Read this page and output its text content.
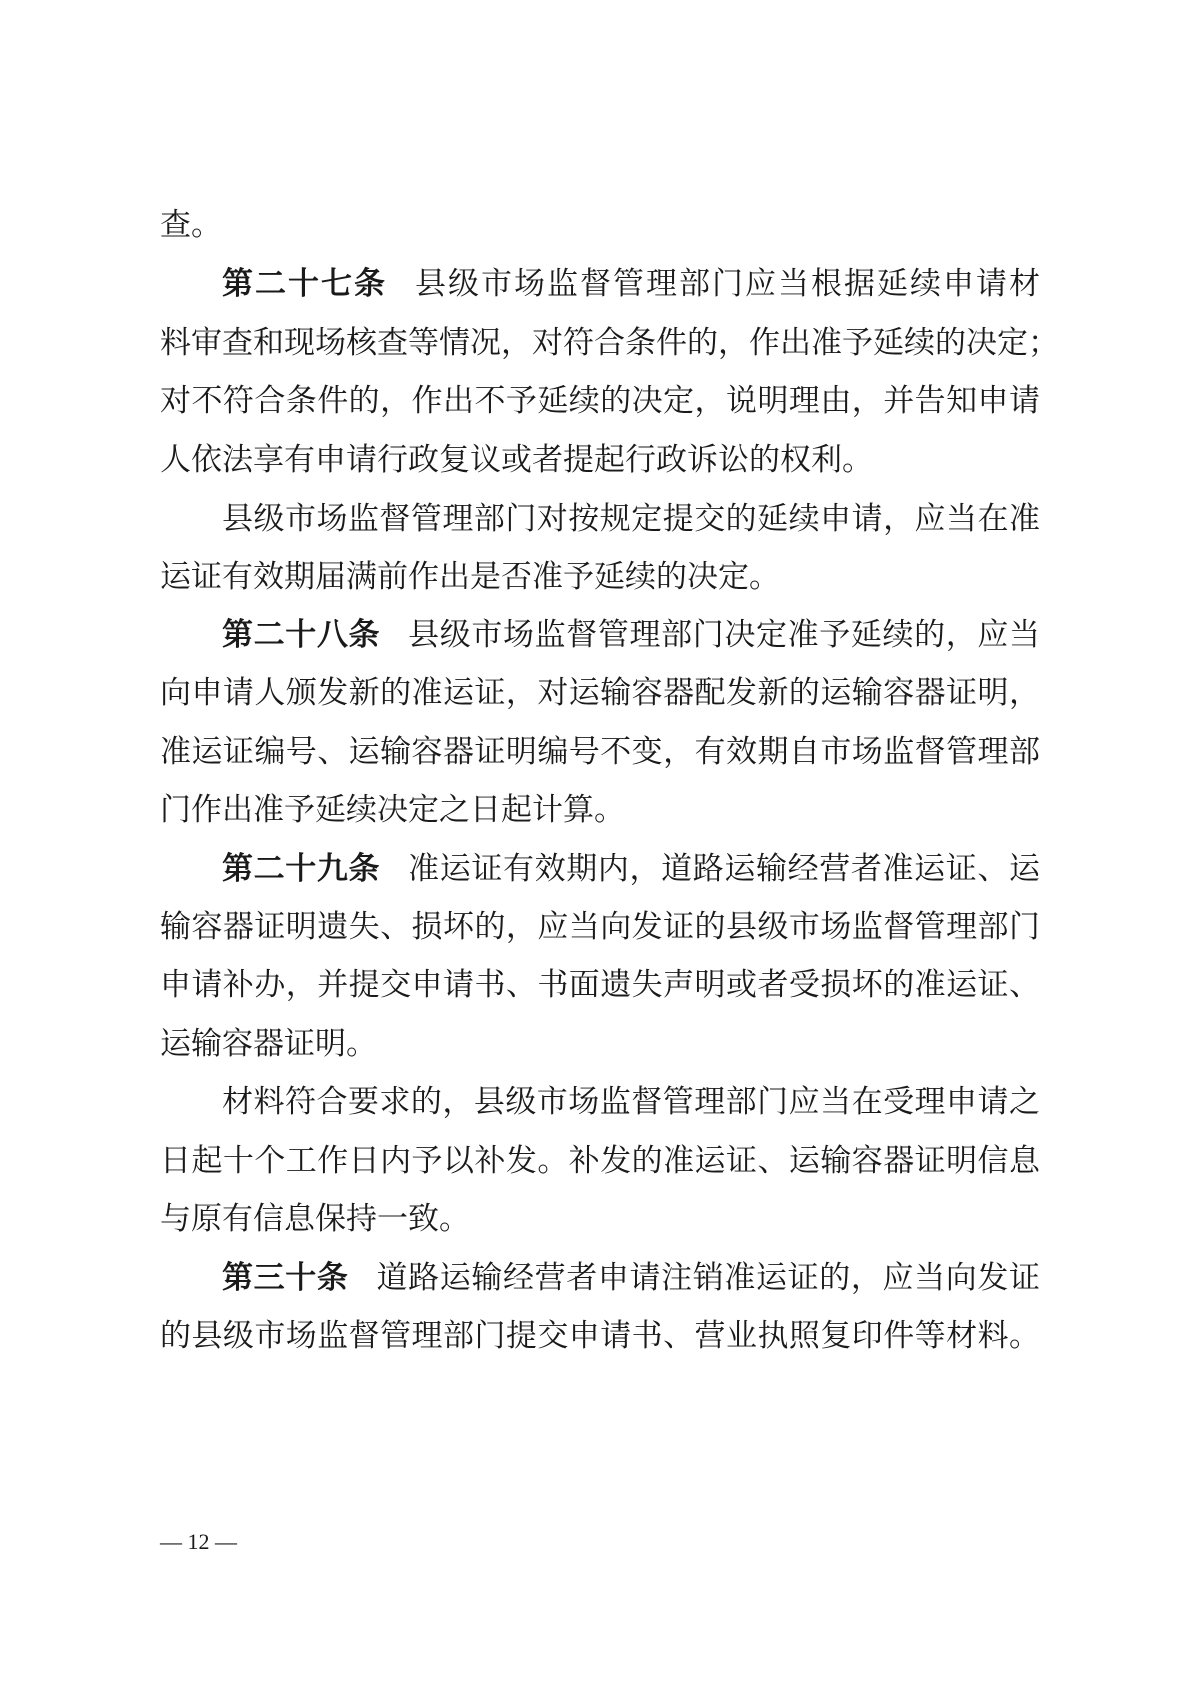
查。
第二十七条 县级市场监督管理部门应当根据延续申请材
料审查和现场核查等情况，对符合条件的，作出准予延续的决定；
对不符合条件的，作出不予延续的决定，说明理由，并告知申请
人依法享有申请行政复议或者提起行政诉讼的权利。
县级市场监督管理部门对按规定提交的延续申请，应当在准
运证有效期届满前作出是否准予延续的决定。
第二十八条 县级市场监督管理部门决定准予延续的，应当
向申请人颁发新的准运证，对运输容器配发新的运输容器证明，
准运证编号、运输容器证明编号不变，有效期自市场监督管理部
门作出准予延续决定之日起计算。
第二十九条 准运证有效期内，道路运输经营者准运证、运
输容器证明遗失、损坏的，应当向发证的县级市场监督管理部门
申请补办，并提交申请书、书面遗失声明或者受损坏的准运证、
运输容器证明。
材料符合要求的，县级市场监督管理部门应当在受理申请之
日起十个工作日内予以补发。补发的准运证、运输容器证明信息
与原有信息保持一致。
第三十条 道路运输经营者申请注销准运证的，应当向发证
的县级市场监督管理部门提交申请书、营业执照复印件等材料。
— 12 —
